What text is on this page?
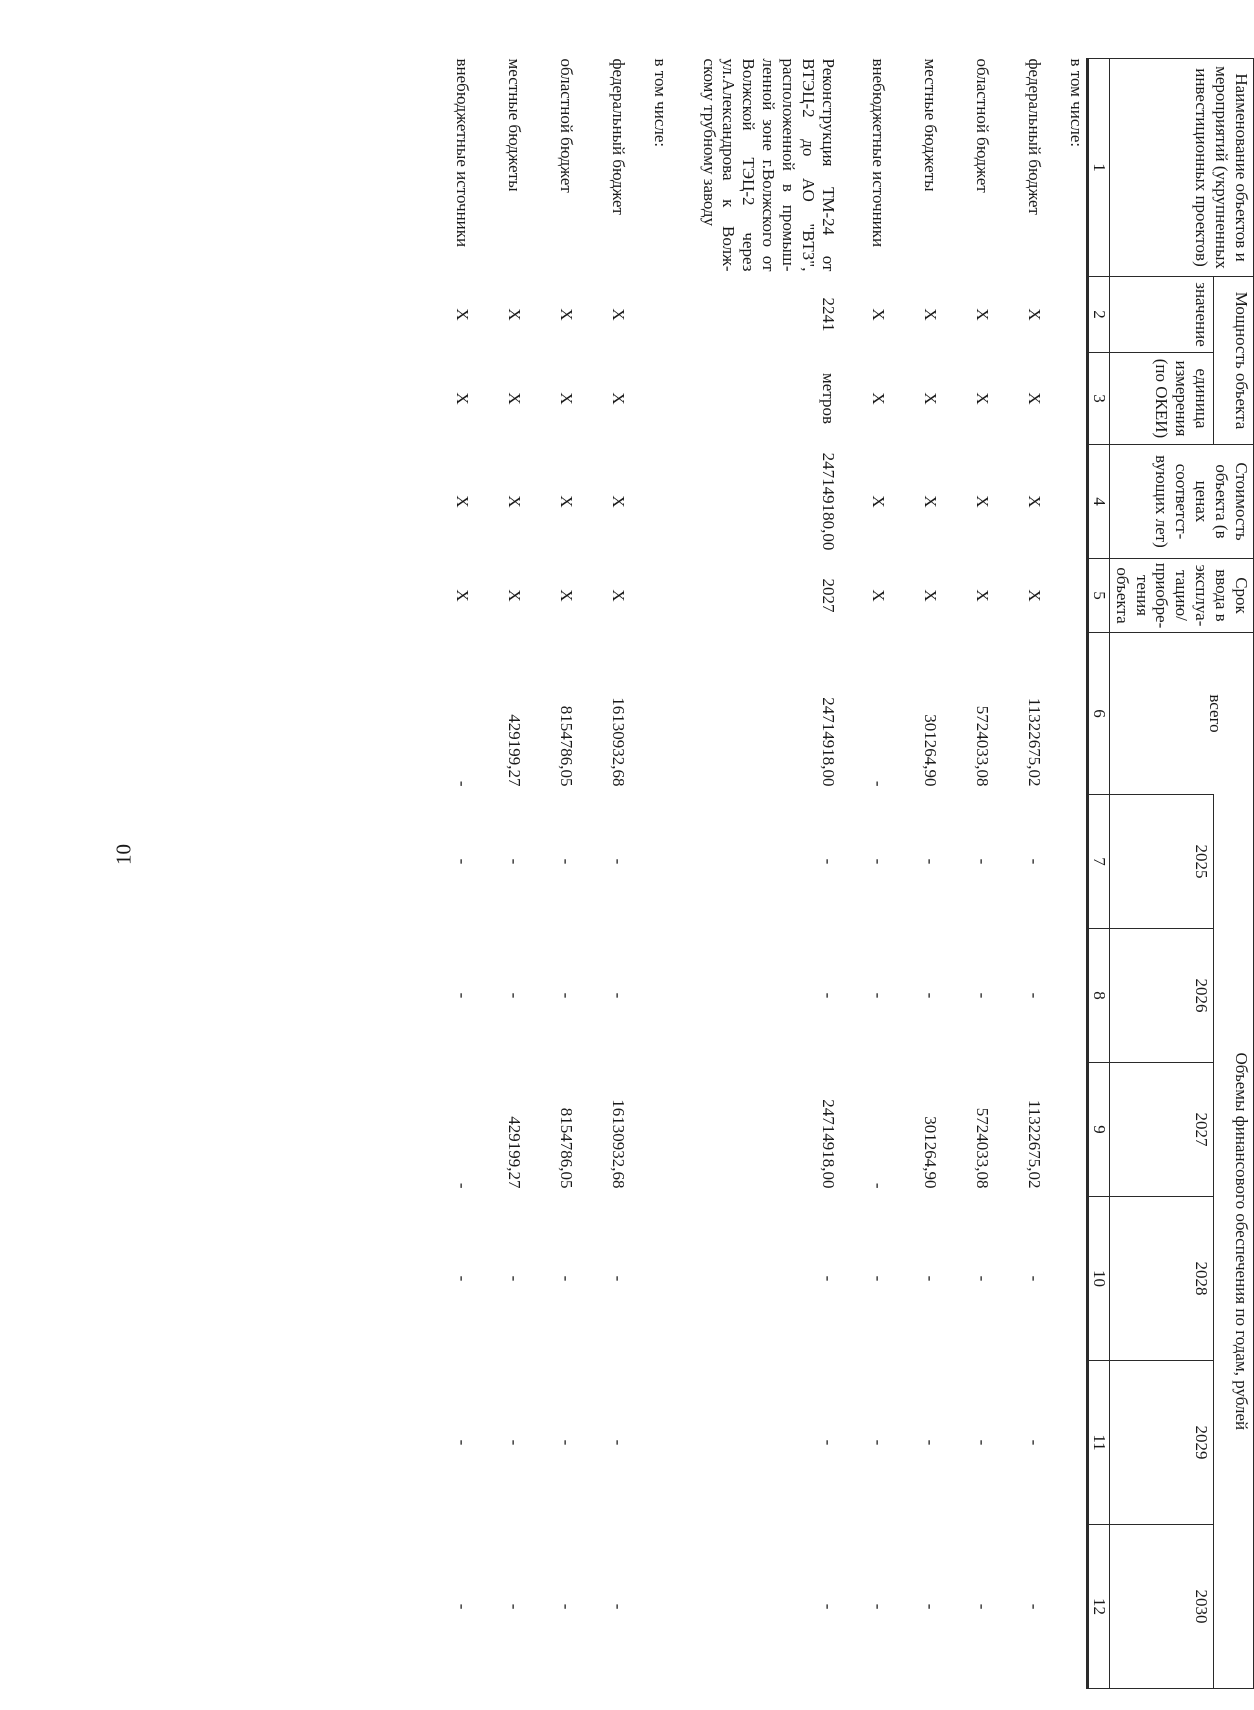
10
Наименование объектов и мероприятий (укрупненных инвестиционных проектов)	Мощность объекта		Стоимость объекта (в ценах соответст-вующих лет)	Срок ввода в эксплуа-тацию/ приобре-тения объекта	всего	Объемы финансового обеспечения по годам, рублей					
	значение	единица измерения (по ОКЕИ)				2025	2026	2027	2028	2029	2030
1	2	3	4	5	6	7	8	9	10	11	12
в том числе:											
федеральный бюджет	X	X	X	X	11322675,02	-	-	11322675,02	-	-	-
областной бюджет	X	X	X	X	5724033,08	-	-	5724033,08	-	-	-
местные бюджеты	X	X	X	X	301264,90	-	-	301264,90	-	-	-
внебюджетные источники	X	X	X	X	-	-	-	-	-	-	-

Реконструкция ТМ-24 от ВТЭЦ-2 до АО "ВТЗ", расположенной в промыш-ленной зоне г.Волжского от Волжской ТЭЦ-2 через ул.Александрова к Волж-скому трубному заводу	2241	метров	247149180,00	2027	24714918,00	-	-	24714918,00	-	-	-
в том числе:											
федеральный бюджет	X	X	X	X	16130932,68	-	-	16130932,68	-	-	-
областной бюджет	X	X	X	X	8154786,05	-	-	8154786,05	-	-	-
местные бюджеты	X	X	X	X	429199,27	-	-	429199,27	-	-	-
внебюджетные источники	X	X	X	X	-	-	-	-	-	-	-
